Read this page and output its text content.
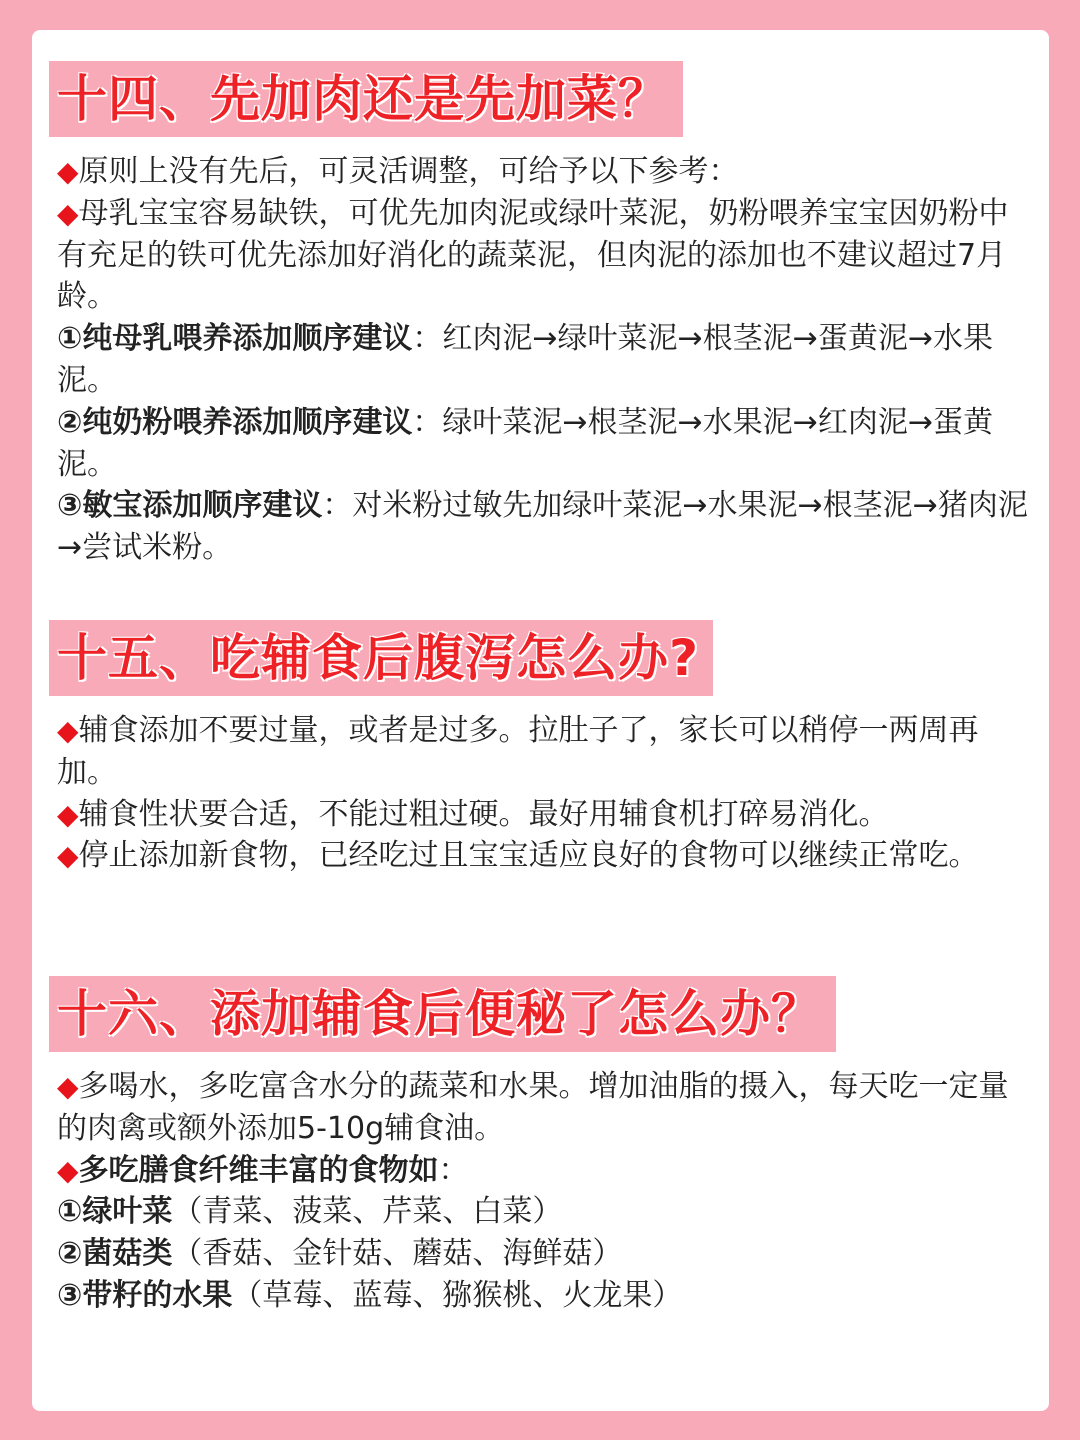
十四、先加肉还是先加菜？

◆原则上没有先后，可灵活调整，可给予以下参考：

◆母乳宝宝容易缺铁，可优先加肉泥或绿叶菜泥，奶粉喂养宝宝因奶粉中有充足的铁可优先添加好消化的蔬菜泥，但肉泥的添加也不建议超过7月龄。

①纯母乳喂养添加顺序建议：红肉泥→绿叶菜泥→根茎泥→蛋黄泥→水果泥。

②纯奶粉喂养添加顺序建议：绿叶菜泥→根茎泥→水果泥→红肉泥→蛋黄泥。

③敏宝添加顺序建议：对米粉过敏先加绿叶菜泥→水果泥→根茎泥→猪肉泥→尝试米粉。

十五、吃辅食后腹泻怎么办?

◆辅食添加不要过量，或者是过多。拉肚子了，家长可以稍停一两周再加。

◆辅食性状要合适，不能过粗过硬。最好用辅食机打碎易消化。

◆停止添加新食物，已经吃过且宝宝适应良好的食物可以继续正常吃。

十六、添加辅食后便秘了怎么办？

◆多喝水，多吃富含水分的蔬菜和水果。增加油脂的摄入，每天吃一定量的肉禽或额外添加5-10g辅食油。

◆多吃膳食纤维丰富的食物如：

①绿叶菜（青菜、菠菜、芹菜、白菜）

②菌菇类（香菇、金针菇、蘑菇、海鲜菇）

③带籽的水果（草莓、蓝莓、猕猴桃、火龙果）
